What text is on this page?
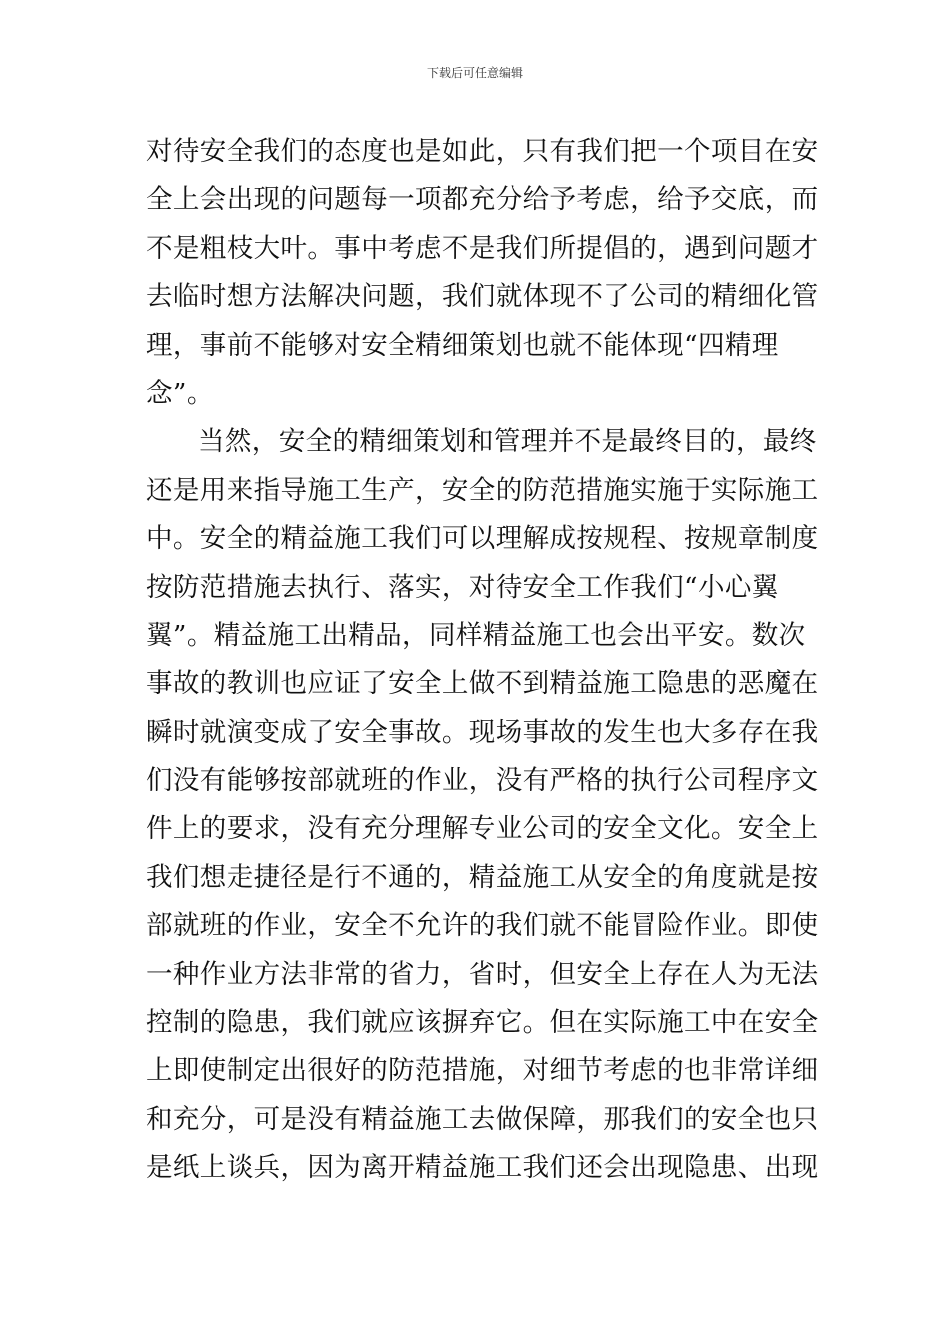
下载后可任意编辑
对待安全我们的态度也是如此，只有我们把一个项目在安
全上会出现的问题每一项都充分给予考虑，给予交底，而
不是粗枝大叶。事中考虑不是我们所提倡的，遇到问题才
去临时想方法解决问题，我们就体现不了公司的精细化管
理，事前不能够对安全精细策划也就不能体现“四精理
念”。
当然，安全的精细策划和管理并不是最终目的，最终
还是用来指导施工生产，安全的防范措施实施于实际施工
中。安全的精益施工我们可以理解成按规程、按规章制度
按防范措施去执行、落实，对待安全工作我们“小心翼
翼”。精益施工出精品，同样精益施工也会出平安。数次
事故的教训也应证了安全上做不到精益施工隐患的恶魔在
瞬时就演变成了安全事故。现场事故的发生也大多存在我
们没有能够按部就班的作业，没有严格的执行公司程序文
件上的要求，没有充分理解专业公司的安全文化。安全上
我们想走捷径是行不通的，精益施工从安全的角度就是按
部就班的作业，安全不允许的我们就不能冒险作业。即使
一种作业方法非常的省力，省时，但安全上存在人为无法
控制的隐患，我们就应该摒弃它。但在实际施工中在安全
上即使制定出很好的防范措施，对细节考虑的也非常详细
和充分，可是没有精益施工去做保障，那我们的安全也只
是纸上谈兵，因为离开精益施工我们还会出现隐患、出现
